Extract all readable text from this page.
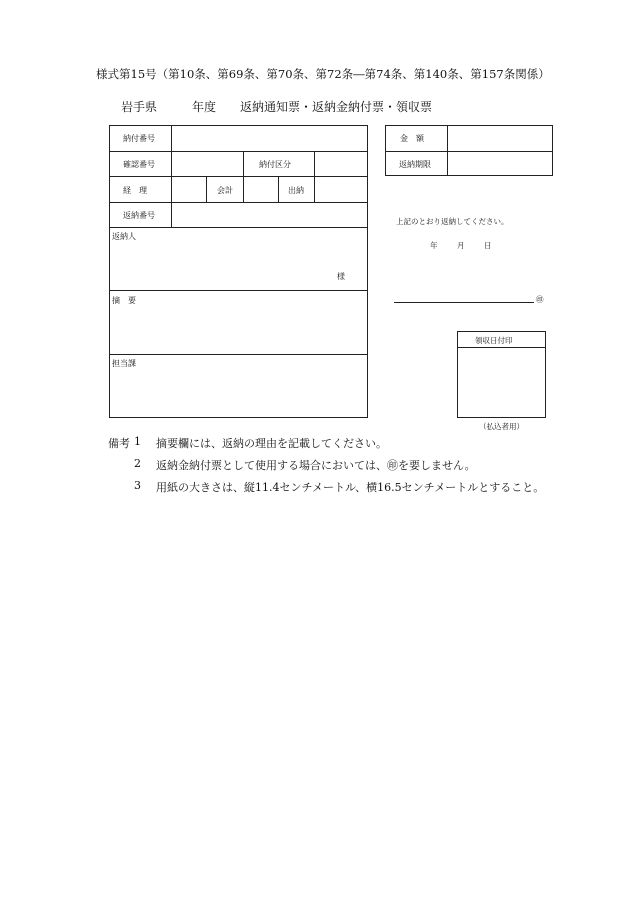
様式第15号（第10条、第69条、第70条、第72条―第74条、第140条、第157条関係）
岩手県	年度 返納通知票・返納金納付票・領収票
納付番号
確認番号	納付区分
経　理	会計	出納
返納番号
返納人
様
摘　要
担当課
金　額
返納期限
上記のとおり返納してください。
年	月	日
㊞
領収日付印
（払込者用）
備考 1 摘要欄には、返納の理由を記載してください。
2 返納金納付票として使用する場合においては、㊞を要しません。
3 用紙の大きさは、縦11.4センチメートル、横16.5センチメートルとすること。
